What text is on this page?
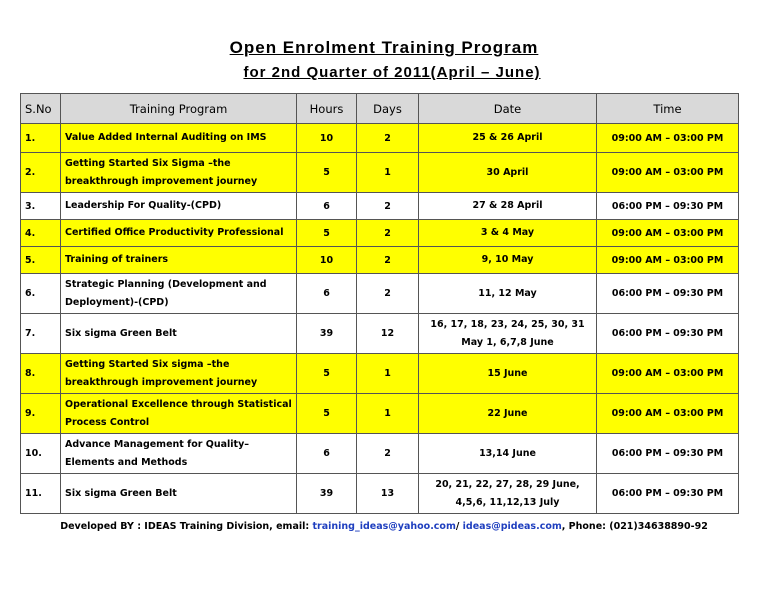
Open Enrolment Training Program
for 2nd Quarter of 2011(April – June)
S.No	Training Program	Hours	Days	Date	Time
1.	Value Added Internal Auditing on IMS	10	2	25 & 26 April	09:00 AM – 03:00 PM
2.	Getting Started Six Sigma –the breakthrough improvement journey	5	1	30 April	09:00 AM – 03:00 PM
3.	Leadership For Quality-(CPD)	6	2	27 & 28 April	06:00 PM – 09:30 PM
4.	Certified Office Productivity Professional	5	2	3 & 4 May	09:00 AM – 03:00 PM
5.	Training of trainers	10	2	9, 10 May	09:00 AM – 03:00 PM
6.	Strategic Planning (Development and Deployment)-(CPD)	6	2	11, 12 May	06:00 PM – 09:30 PM
7.	Six sigma Green Belt	39	12	16, 17, 18, 23, 24, 25, 30, 31 May 1, 6,7,8 June	06:00 PM – 09:30 PM
8.	Getting Started Six sigma –the breakthrough improvement journey	5	1	15 June	09:00 AM – 03:00 PM
9.	Operational Excellence through Statistical Process Control	5	1	22 June	09:00 AM – 03:00 PM
10.	Advance Management for Quality– Elements and Methods	6	2	13,14 June	06:00 PM – 09:30 PM
11.	Six sigma Green Belt	39	13	20, 21, 22, 27, 28, 29 June, 4,5,6, 11,12,13 July	06:00 PM – 09:30 PM
Developed BY : IDEAS Training Division, email: training_ideas@yahoo.com/ ideas@pideas.com, Phone: (021)34638890-92
